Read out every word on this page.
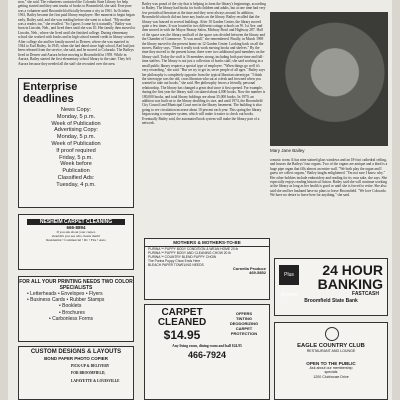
now," she said. The volunteers contacted the Colorado State Library for help getting started and they sent trunks of books to Broomfield, she said. Everyone was a volunteer until Broomfield officially became a city in 1961. In October, 1961, Bailey became the first paid library employee. Her moment to begin began early, Bailey said, and she was reading before she went to school. "My mother was a reader, too," she recalled. "So I guess I came by it naturally." Bailey was born in Lincoln, Neb., and lived there until she was 10. Her family then moved to Lincoln, Neb., where she lived until she finished college. During elementary school she worked with books and in high school earned credit in library science. After college she and her family moved to Denver, where she was married in 1944 to Earl Bailey. In 1945, when she had dated since high school, Earl had just been released from the service, she said, and he moved to Colorado. The Baileys lived in Denver and Aurora before moving to Broomfield in 1959. While in Aurora, Bailey started the first elementary school library in the state. They left Aurora because they needed all the staff she recruited over the area.
Enterprise deadlines
News Copy:
Monday, 5 p.m.
Week of Publication
Advertising Copy:
Monday, 5 p.m.
Week of Publication
If proof required
Friday, 5 p.m.
Week before
Publication
Classified Ads:
Tuesday, 4 p.m.
NESHEIM CARPET CLEANING
666-8894
If you ask about your carpet,
shouldn't you see who cleans them?
Residential • Commercial • Rv • Fire • Auto
FOR ALL YOUR PRINTING NEEDS TWO COLOR SPECIALISTS
• Letterheads • Envelopes • Flyers
• Business Cards • Rubber Stamps
• Booklets
• Brochures
• Carbonless Forms
CUSTOM DESIGNS & LAYOUTS
BOND PAPER PHOTO COPIER
PICK-UP & DELIVERY
FOR BROOMFIELD,
LAFAYETTE & LOUISVILLE
Bailey was proud of the city that is helping to form the library's beginnings, according to Bailey. The library had books for both children and adults, but at one time had very few periodical literature at the time and they were always around. In addition, Broomfield schools did not have any books on the library. Bailey recalled that the library was housed in several buildings. After 10 Garden Center, the library moved quite a few times. It was located in two different cottage schools on W. 1st Ave. and then moved in with the Mayor Beauty Salon, Midway Bowl and Highway 287. Half of the space was the library and half of the space was divided between the library and the Chamber of Commerce. "It was small," she remembered. Finally, in March 1969 the library moved to the present home on 12 Garden Center. Looking back on all the moves, Bailey says, "Then it really took work moving books and shelves." By the time they moved to the present home, there were two additional paid members on the library staff. Today the staff is 16 members strong, including both part-time and full-time staffers. The library is not just a collection of books staff, she said working in a small public library requires a special type of employee. "When things go well it's very rewarding," she said. "But we try to get in, serve people of all ages." Bailey says her philosophy is completely opposite from the typical librarian stereotype. "I think the stereotype was the old, cross librarian who sat at a desk and frowned when you wanted to take out books," she said. Her philosophy favors a friendly, personal relationship. The library has changed a great deal since it first opened. For example, during the first year the library staff circulated about 4,000 books. Now the number is 180,000 books, and total library holdings are about 35,000 books. In 1970, an addition was built on to the library doubling its size, and until 1974, the Broomfield City Council and Municipal Court met in the library basement. The building is also going to see circulation increase about 10 percent each year. This spring the library began using a computer system, which will make it easier to check out books. Eventually Bailey said, the automated book system will make the library part of a network.
Mary Jane Bailey
a music room. It has nine stained glass windows and an 18-foot cathedral ceiling, and houses the Baileys' four organs. Two of the organs are antique and a third is a huge pipe organ that fills almost an entire wall. "We both play the organ and I guess we collect organs," Bailey laughs enlightened. "I'm not sure I know why." Her other hobbies include embroidery and reading for its own sake, she says. She especially enjoys reading historical fiction. Bailey said she will continue working at the library as long as her health is good or until she is forced to retire. She also said she and her husband have no plans to leave Broomfield. "We love Colorado. We have no desire to leave here for anything," she said.
MOTHERS & MOTHERS-TO-BE
PURINA™ PUPPY BODY CONDITION & WEAN HOME 20 lb
PURINA™ PUPPY BODY AND CLEANING CHOW 20 lb
PURINA™ COUNTRY BLEND PUPPY CHOW
The Purina Puppy Chow Ends Here
BLEACH PAPER TOWELING NEEDS
Cornella Produce
469-5852
CARPET
CLEANED
$14.95
Any living room, dining room and hall $24.95
466-7924
OFFERS
TINTING
DEODORIZING
CARPET
PROTECTION
Plus System
24 HOUR
BANKING
FASTCASH
Broomfield State Bank
EAGLE COUNTRY CLUB
RESTAURANT AND LOUNGE
OPEN TO THE PUBLIC
Ask about our membership
specials
1200 Clubhouse Drive
